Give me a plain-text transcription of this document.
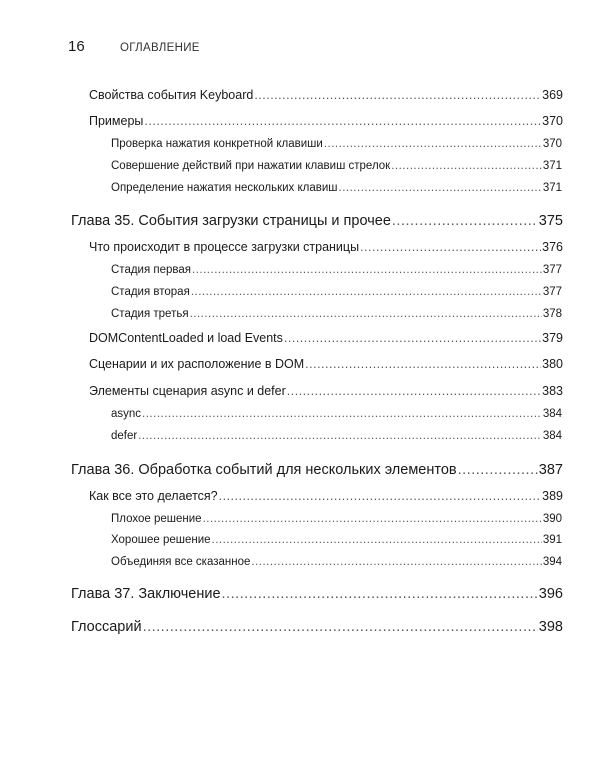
16	ОГЛАВЛЕНИЕ
Свойства события Keyboard .....	369
Примеры .....	370
Проверка нажатия конкретной клавиши .....	370
Совершение действий при нажатии клавиш стрелок .....	371
Определение нажатия нескольких клавиш .....	371
Глава 35. События загрузки страницы и прочее .....	375
Что происходит в процессе загрузки страницы .....	376
Стадия первая .....	377
Стадия вторая .....	377
Стадия третья .....	378
DOMContentLoaded и load Events .....	379
Сценарии и их расположение в DOM .....	380
Элементы сценария async и defer .....	383
async .....	384
defer .....	384
Глава 36. Обработка событий для нескольких элементов .....	387
Как все это делается? .....	389
Плохое решение .....	390
Хорошее решение .....	391
Объединяя все сказанное .....	394
Глава 37. Заключение .....	396
Глоссарий .....	398
